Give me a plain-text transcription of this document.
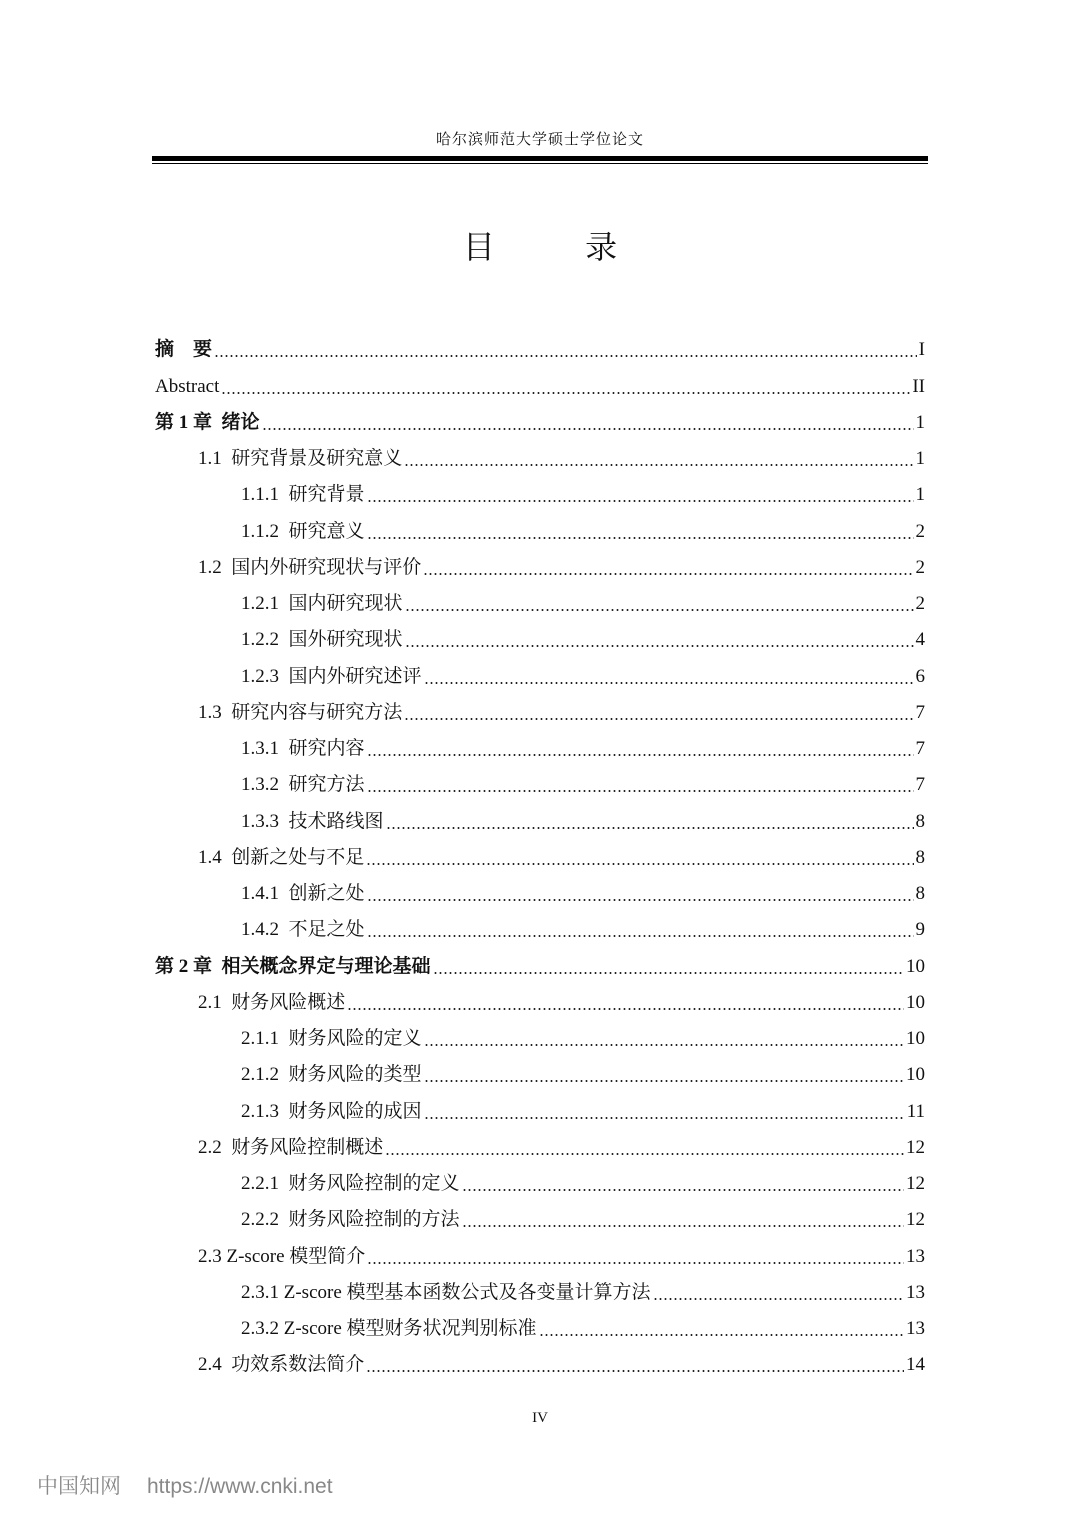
哈尔滨师范大学硕士学位论文
目 录
摘　要	I
Abstract	II
第 1 章  绪论	1
1.1  研究背景及研究意义	1
1.1.1  研究背景	1
1.1.2  研究意义	2
1.2  国内外研究现状与评价	2
1.2.1  国内研究现状	2
1.2.2  国外研究现状	4
1.2.3  国内外研究述评	6
1.3  研究内容与研究方法	7
1.3.1  研究内容	7
1.3.2  研究方法	7
1.3.3  技术路线图	8
1.4  创新之处与不足	8
1.4.1  创新之处	8
1.4.2  不足之处	9
第 2 章  相关概念界定与理论基础	10
2.1  财务风险概述	10
2.1.1  财务风险的定义	10
2.1.2  财务风险的类型	10
2.1.3  财务风险的成因	11
2.2  财务风险控制概述	12
2.2.1  财务风险控制的定义	12
2.2.2  财务风险控制的方法	12
2.3 Z-score 模型简介	13
2.3.1 Z-score 模型基本函数公式及各变量计算方法	13
2.3.2 Z-score 模型财务状况判别标准	13
2.4  功效系数法简介	14
IV
中国知网 https://www.cnki.net
